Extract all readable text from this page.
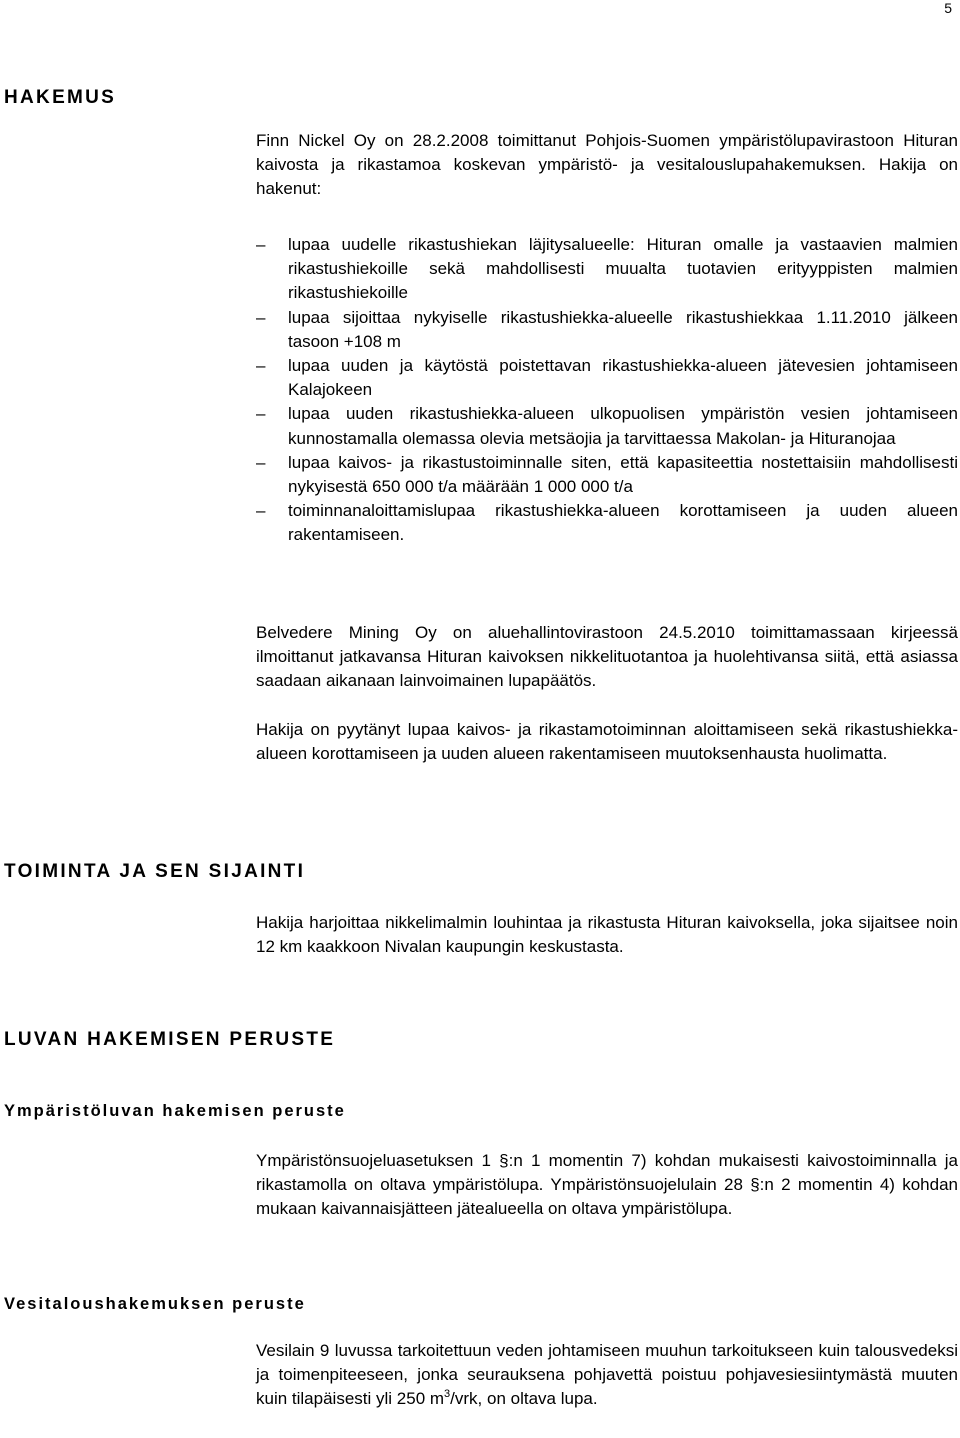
5
HAKEMUS

Finn Nickel Oy on 28.2.2008 toimittanut Pohjois-Suomen ympäristölupavirastoon Hituran kaivosta ja rikastamoa koskevan ympäristö- ja vesitalouslupahakemuksen. Hakija on hakenut:

– lupaa uudelle rikastushiekan läjitysalueelle: Hituran omalle ja vastaavien malmien rikastushiekoille sekä mahdollisesti muualta tuotavien erityyppisten malmien rikastushiekoille
– lupaa sijoittaa nykyiselle rikastushiekka-alueelle rikastushiekkaa 1.11.2010 jälkeen tasoon +108 m
– lupaa uuden ja käytöstä poistettavan rikastushiekka-alueen jätevesien johtamiseen Kalajokeen
– lupaa uuden rikastushiekka-alueen ulkopuolisen ympäristön vesien johtamiseen kunnostamalla olemassa olevia metsäojia ja tarvittaessa Makolan- ja Hituranojaa
– lupaa kaivos- ja rikastustoiminnalle siten, että kapasiteettia nostettaisiin mahdollisesti nykyisestä 650 000 t/a määrään 1 000 000 t/a
– toiminnanaloittamislupaa rikastushiekka-alueen korottamiseen ja uuden alueen rakentamiseen.

Belvedere Mining Oy on aluehallintovirastoon 24.5.2010 toimittamassaan kirjeessä ilmoittanut jatkavansa Hituran kaivoksen nikkelituotantoa ja huolehtivansa siitä, että asiassa saadaan aikanaan lainvoimainen lupapäätös.

Hakija on pyytänyt lupaa kaivos- ja rikastamotoiminnan aloittamiseen sekä rikastushiekka-alueen korottamiseen ja uuden alueen rakentamiseen muutoksenhausta huolimatta.

TOIMINTA JA SEN SIJAINTI

Hakija harjoittaa nikkelimalmin louhintaa ja rikastusta Hituran kaivoksella, joka sijaitsee noin 12 km kaakkoon Nivalan kaupungin keskustasta.

LUVAN HAKEMISEN PERUSTE
Ympäristöluvan hakemisen peruste

Ympäristönsuojeluasetuksen 1 §:n 1 momentin 7) kohdan mukaisesti kaivostoiminnalla ja rikastamolla on oltava ympäristölupa. Ympäristönsuojelulain 28 §:n 2 momentin 4) kohdan mukaan kaivannaisjätteen jätealueella on oltava ympäristölupa.

Vesitaloushakemuksen peruste

Vesilain 9 luvussa tarkoitettuun veden johtamiseen muuhun tarkoitukseen kuin talousvedeksi ja toimenpiteeseen, jonka seurauksena pohjavettä poistuu pohjavesiesiintymästä muuten kuin tilapäisesti yli 250 $m^3$/vrk, on oltava lupa.
